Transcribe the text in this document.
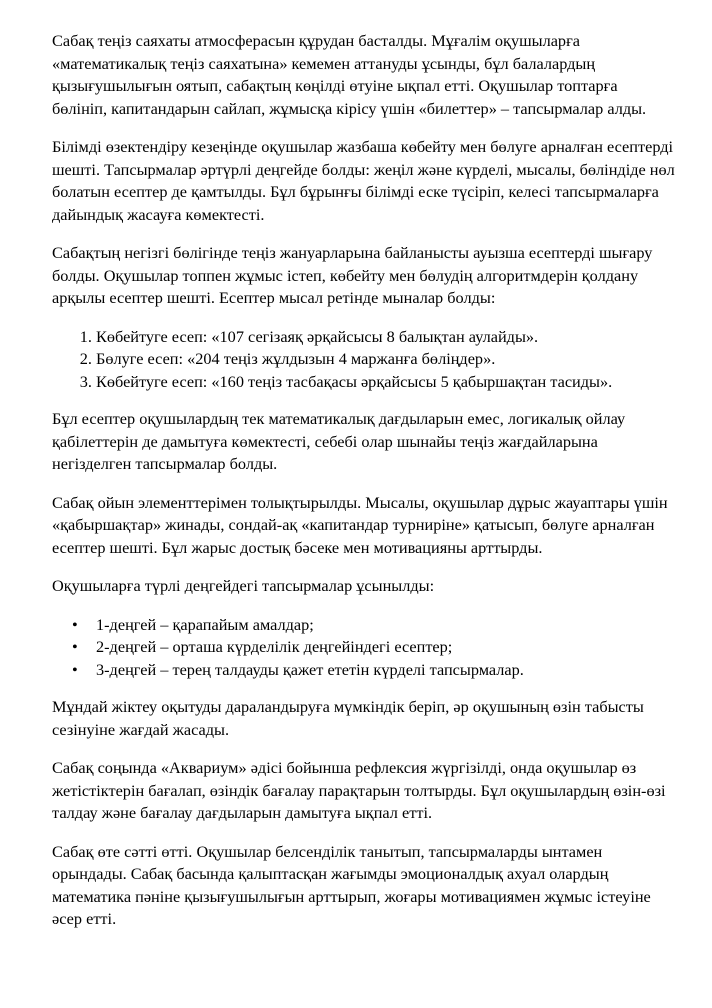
Сабақ теңіз саяхаты атмосферасын құрудан басталды. Мұғалім оқушыларға «математикалық теңіз саяхатына» кемемен аттануды ұсынды, бұл балалардың қызығушылығын оятып, сабақтың көңілді өтуіне ықпал етті. Оқушылар топтарға бөлініп, капитандарын сайлап, жұмысқа кірісу үшін «билеттер» – тапсырмалар алды.

Білімді өзектендіру кезеңінде оқушылар жазбаша көбейту мен бөлуге арналған есептерді шешті. Тапсырмалар әртүрлі деңгейде болды: жеңіл және күрделі, мысалы, бөліндіде нөл болатын есептер де қамтылды. Бұл бұрынғы білімді еске түсіріп, келесі тапсырмаларға дайындық жасауға көмектесті.

Сабақтың негізгі бөлігінде теңіз жануарларына байланысты ауызша есептерді шығару болды. Оқушылар топпен жұмыс істеп, көбейту мен бөлудің алгоритмдерін қолдану арқылы есептер шешті. Есептер мысал ретінде мыналар болды:

1. Көбейтуге есеп: «107 сегізаяқ әрқайсысы 8 балықтан аулайды».
2. Бөлуге есеп: «204 теңіз жұлдызын 4 маржанға бөліңдер».
3. Көбейтуге есеп: «160 теңіз тасбақасы әрқайсысы 5 қабыршақтан тасиды».

Бұл есептер оқушылардың тек математикалық дағдыларын емес, логикалық ойлау қабілеттерін де дамытуға көмектесті, себебі олар шынайы теңіз жағдайларына негізделген тапсырмалар болды.

Сабақ ойын элементтерімен толықтырылды. Мысалы, оқушылар дұрыс жауаптары үшін «қабыршақтар» жинады, сондай-ақ «капитандар турниріне» қатысып, бөлуге арналған есептер шешті. Бұл жарыс достық бәсеке мен мотивацияны арттырды.

Оқушыларға түрлі деңгейдегі тапсырмалар ұсынылды:

• 1-деңгей – қарапайым амалдар;
• 2-деңгей – орташа күрделілік деңгейіндегі есептер;
• 3-деңгей – терең талдауды қажет ететін күрделі тапсырмалар.

Мұндай жіктеу оқытуды дараландыруға мүмкіндік беріп, әр оқушының өзін табысты сезінуіне жағдай жасады.

Сабақ соңында «Аквариум» әдісі бойынша рефлексия жүргізілді, онда оқушылар өз жетістіктерін бағалап, өзіндік бағалау парақтарын толтырды. Бұл оқушылардың өзін-өзі талдау және бағалау дағдыларын дамытуға ықпал етті.

Сабақ өте сәтті өтті. Оқушылар белсенділік танытып, тапсырмаларды ынтамен орындады. Сабақ басында қалыптасқан жағымды эмоционалдық ахуал олардың математика пәніне қызығушылығын арттырып, жоғары мотивациямен жұмыс істеуіне әсер етті.
